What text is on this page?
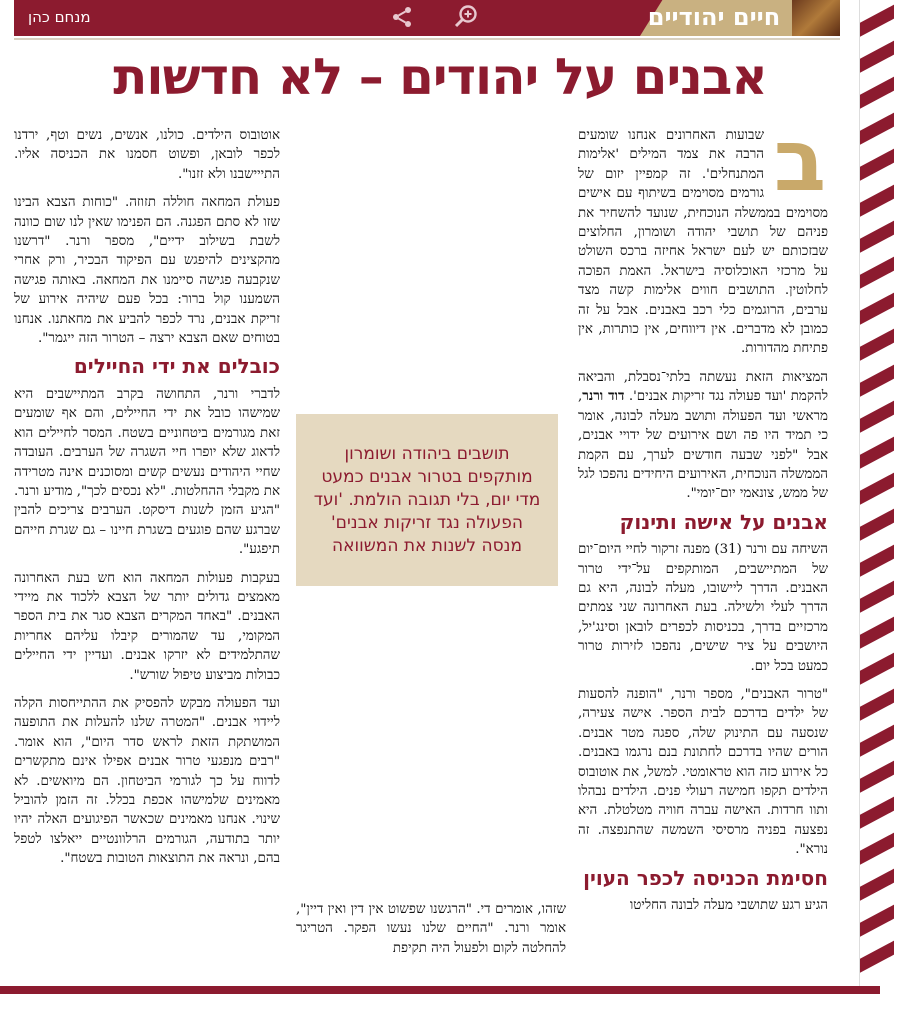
חיים יהודיים
מנחם כהן
אבנים על יהודים – לא חדשות

ב
שבועות האחרונים אנחנו שומעים הרבה את צמד המילים 'אלימות המתנחלים'. זה קמפיין יזום של גורמים מסוימים בשיתוף עם אישים מסוימים בממשלה הנוכחית, שנועד להשחיר את פניהם של תושבי יהודה ושומרון, החלוצים שבזכותם יש לעם ישראל אחיזה ברכס השולט על מרכזי האוכלוסיה בישראל. האמת הפוכה לחלוטין. התושבים חווים אלימות קשה מצד ערבים, הרוגמים כלי רכב באבנים. אבל על זה כמובן לא מדברים. אין דיווחים, אין כותרות, אין פתיחת מהדורות.

המציאות הזאת נעשתה בלתי־נסבלת, והביאה להקמת 'ועד פעולה נגד זריקות אבנים'. דוד ורנר, מראשי ועד הפעולה ותושב מעלה לבונה, אומר כי תמיד היו פה ושם אירועים של ידויי אבנים, אבל "לפני שבעה חודשים לערך, עם הקמת הממשלה הנוכחית, האירועים היחידים נהפכו לגל של ממש, צונאמי יום־יומי".

אבנים על אישה ותינוק

השיחה עם ורנר (31) מפנה זרקור לחיי היום־יום של המתיישבים, המותקפים על־ידי טרור האבנים. הדרך ליישובו, מעלה לבונה, היא גם הדרך לעלי ולשילה. בעת האחרונה שני צמתים מרכזיים בדרך, בכניסות לכפרים לובאן וסינג'יל, היושבים על ציר שישים, נהפכו לזירות טרור כמעט בכל יום.

"טרור האבנים", מספר ורנר, "הופנה להסעות של ילדים בדרכם לבית הספר. אישה צעירה, שנסעה עם התינוק שלה, ספגה מטר אבנים. הורים שהיו בדרכם לחתונת בנם נרגמו באבנים. כל אירוע כזה הוא טראומטי. למשל, את אוטובוס הילדים תקפו חמישה רעולי פנים. הילדים נבהלו ותוו חרדות. האישה עברה חוויה מטלטלת. היא נפצעה בפניה מרסיסי השמשה שהתנפצה. זה נורא".

חסימת הכניסה לכפר העוין

הגיע רגע שתושבי מעלה לבונה החליטו

תושבים ביהודה ושומרון מותקפים בטרור אבנים כמעט מדי יום, בלי תגובה הולמת. 'ועד הפעולה נגד זריקות אבנים' מנסה לשנות את המשוואה

שזהו, אומרים די. "הרגשנו שפשוט אין דין ואין דיין", אומר ורנר. "החיים שלנו נעשו הפקר. הטריגר להחלטה לקום ולפעול היה תקיפת

אוטובוס הילדים. כולנו, אנשים, נשים וטף, ירדנו לכפר לובאן, ופשוט חסמנו את הכניסה אליו. התייישבנו ולא זזנו".

פעולת המחאה חוללה תזוזה. "כוחות הצבא הבינו שזו לא סתם הפגנה. הם הפנימו שאין לנו שום כוונה לשבת בשילוב ידיים", מספר ורנר. "דרשנו מהקצינים להיפגש עם הפיקוד הבכיר, ורק אחרי שנקבעה פגישה סיימנו את המחאה. באותה פגישה השמענו קול ברור: בכל פעם שיהיה אירוע של זריקת אבנים, נרד לכפר להביע את מחאתנו. אנחנו בטוחים שאם הצבא ירצה – הטרור הזה ייגמר".

כובלים את ידי החיילים

לדברי ורנר, התחושה בקרב המתיישבים היא שמישהו כובל את ידי החיילים, והם אף שומעים זאת מגורמים ביטחוניים בשטח. המסר לחיילים הוא לדאוג שלא יופרו חיי השגרה של הערבים. העובדה שחיי היהודים נעשים קשים ומסוכנים אינה מטרידה את מקבלי ההחלטות. "לא נכסים לכך", מודיע ורנר. "הגיע הזמן לשנות דיסקט. הערבים צריכים להבין שברגע שהם פוגעים בשגרת חיינו – גם שגרת חייהם תיפגע".

בעקבות פעולות המחאה הוא חש בעת האחרונה מאמצים גדולים יותר של הצבא ללכוד את מיידי האבנים. "באחד המקרים הצבא סגר את בית הספר המקומי, עד שהמורים קיבלו עליהם אחריות שהתלמידים לא יזרקו אבנים. ועדיין ידי החיילים כבולות מביצוע טיפול שורש".

ועד הפעולה מבקש להפסיק את ההתייחסות הקלה ליידוי אבנים. "המטרה שלנו להעלות את התופעה המושתקת הזאת לראש סדר היום", הוא אומר. "רבים מנפגעי טרור אבנים אפילו אינם מתקשרים לדווח על כך לגורמי הביטחון. הם מיואשים. לא מאמינים שלמישהו אכפת בכלל. זה הזמן להוביל שינוי. אנחנו מאמינים שכאשר הפיגועים האלה יהיו יותר בתודעה, הגורמים הרלוונטיים ייאלצו לטפל בהם, ונראה את התוצאות הטובות בשטח".
